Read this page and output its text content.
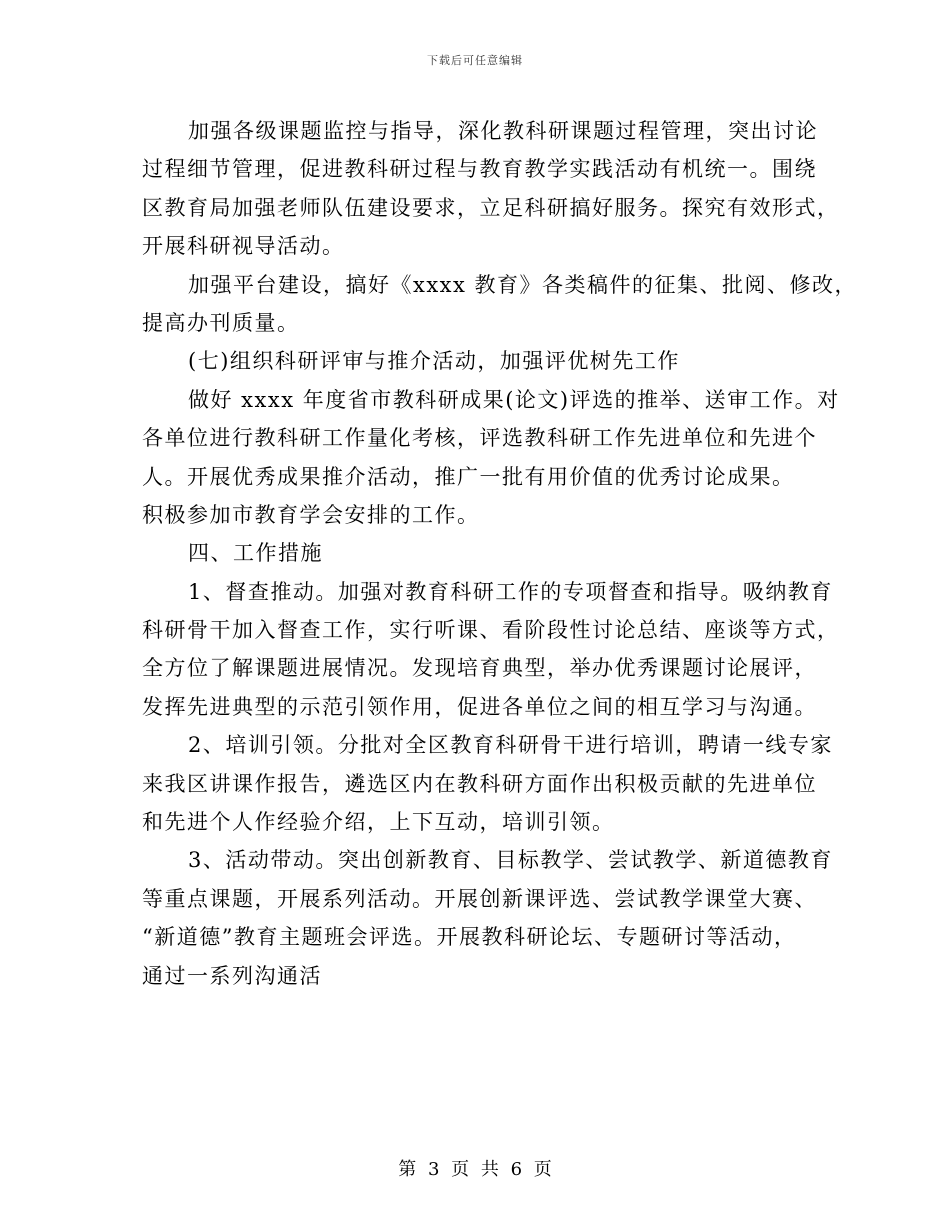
下载后可任意编辑
加强各级课题监控与指导，深化教科研课题过程管理，突出讨论
过程细节管理，促进教科研过程与教育教学实践活动有机统一。围绕
区教育局加强老师队伍建设要求，立足科研搞好服务。探究有效形式，
开展科研视导活动。
加强平台建设，搞好《xxxx 教育》各类稿件的征集、批阅、修改，
提高办刊质量。
(七)组织科研评审与推介活动，加强评优树先工作
做好 xxxx 年度省市教科研成果(论文)评选的推举、送审工作。对
各单位进行教科研工作量化考核，评选教科研工作先进单位和先进个
人。开展优秀成果推介活动，推广一批有用价值的优秀讨论成果。
积极参加市教育学会安排的工作。
四、工作措施
1、督查推动。加强对教育科研工作的专项督查和指导。吸纳教育
科研骨干加入督查工作，实行听课、看阶段性讨论总结、座谈等方式，
全方位了解课题进展情况。发现培育典型，举办优秀课题讨论展评，
发挥先进典型的示范引领作用，促进各单位之间的相互学习与沟通。
2、培训引领。分批对全区教育科研骨干进行培训，聘请一线专家
来我区讲课作报告，遴选区内在教科研方面作出积极贡献的先进单位
和先进个人作经验介绍，上下互动，培训引领。
3、活动带动。突出创新教育、目标教学、尝试教学、新道德教育
等重点课题，开展系列活动。开展创新课评选、尝试教学课堂大赛、
“新道德”教育主题班会评选。开展教科研论坛、专题研讨等活动，
通过一系列沟通活
第 3 页 共 6 页
